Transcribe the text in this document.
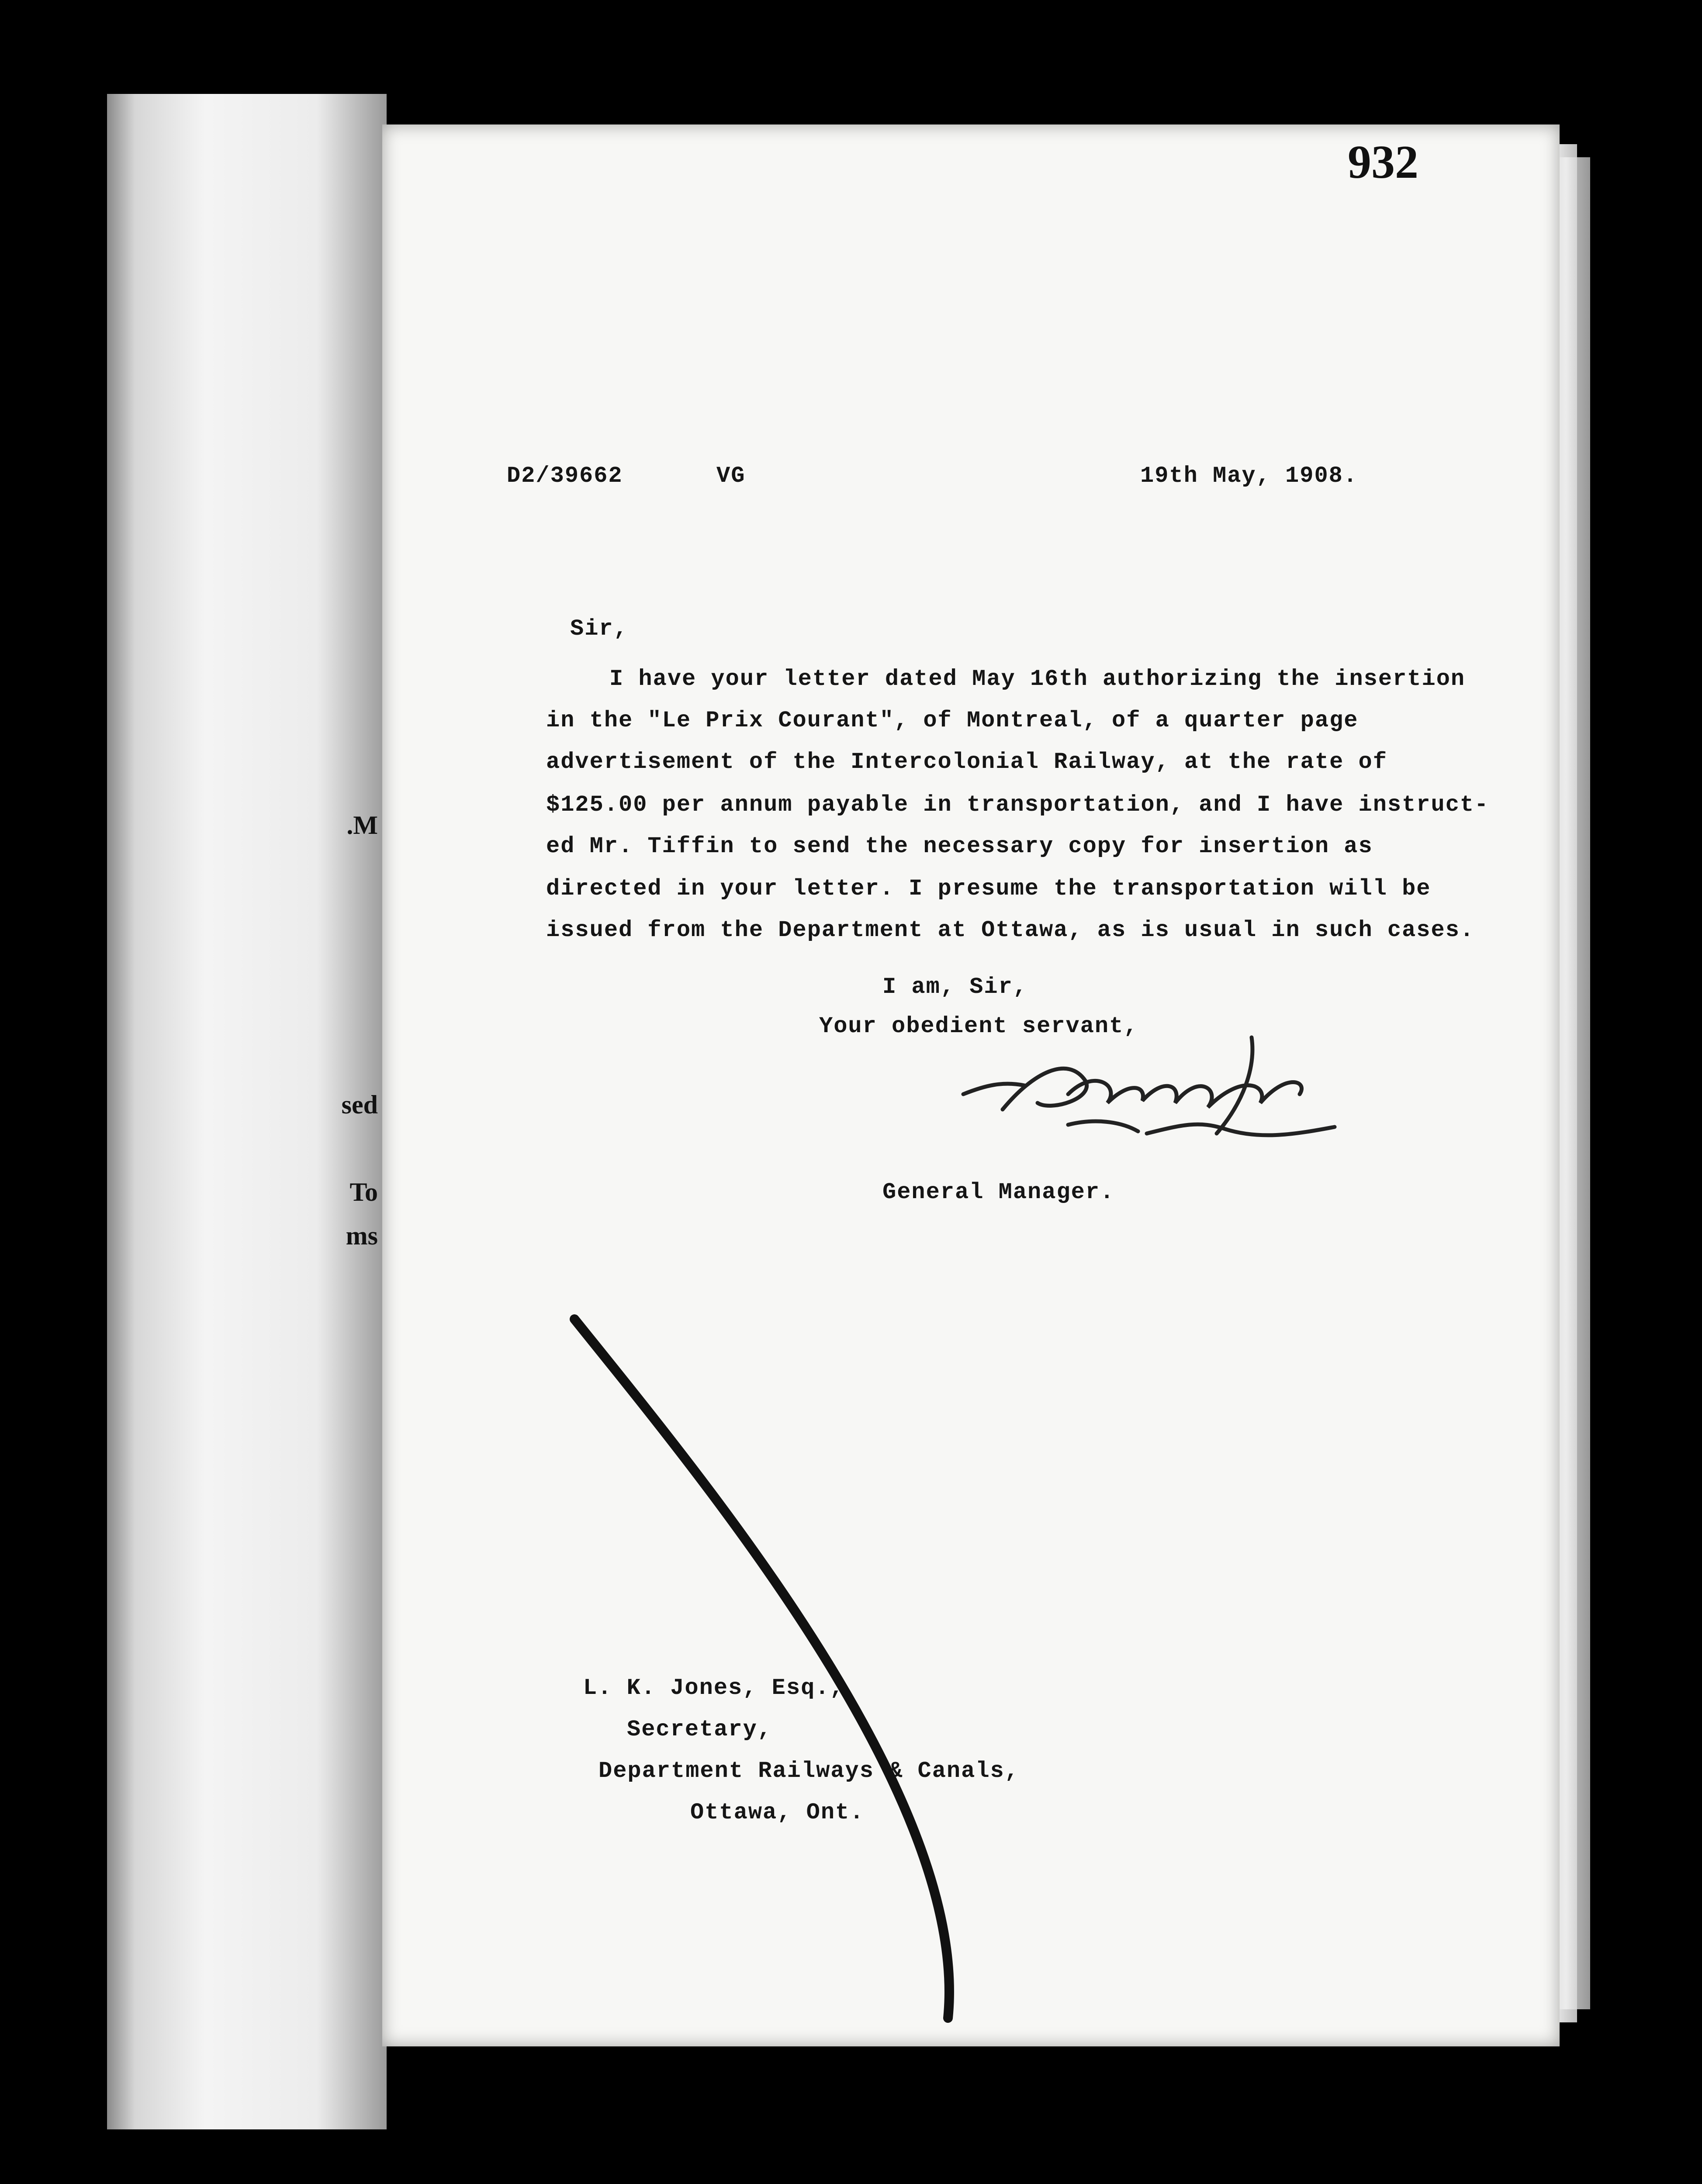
.M
sed
To
ms
932
D2/39662	VG	19th May, 1908.
Sir,
I have your letter dated May 16th authorizing the insertion
in the "Le Prix Courant", of Montreal, of a quarter page
advertisement of the Intercolonial Railway, at the rate of
$125.00 per annum payable in transportation, and I have instruct-
ed Mr. Tiffin to send the necessary copy for insertion as
directed in your letter. I presume the transportation will be
issued from the Department at Ottawa, as is usual in such cases.
I am, Sir,
Your obedient servant,
General Manager.
L. K. Jones, Esq.,
Secretary,
Department Railways & Canals,
Ottawa, Ont.
